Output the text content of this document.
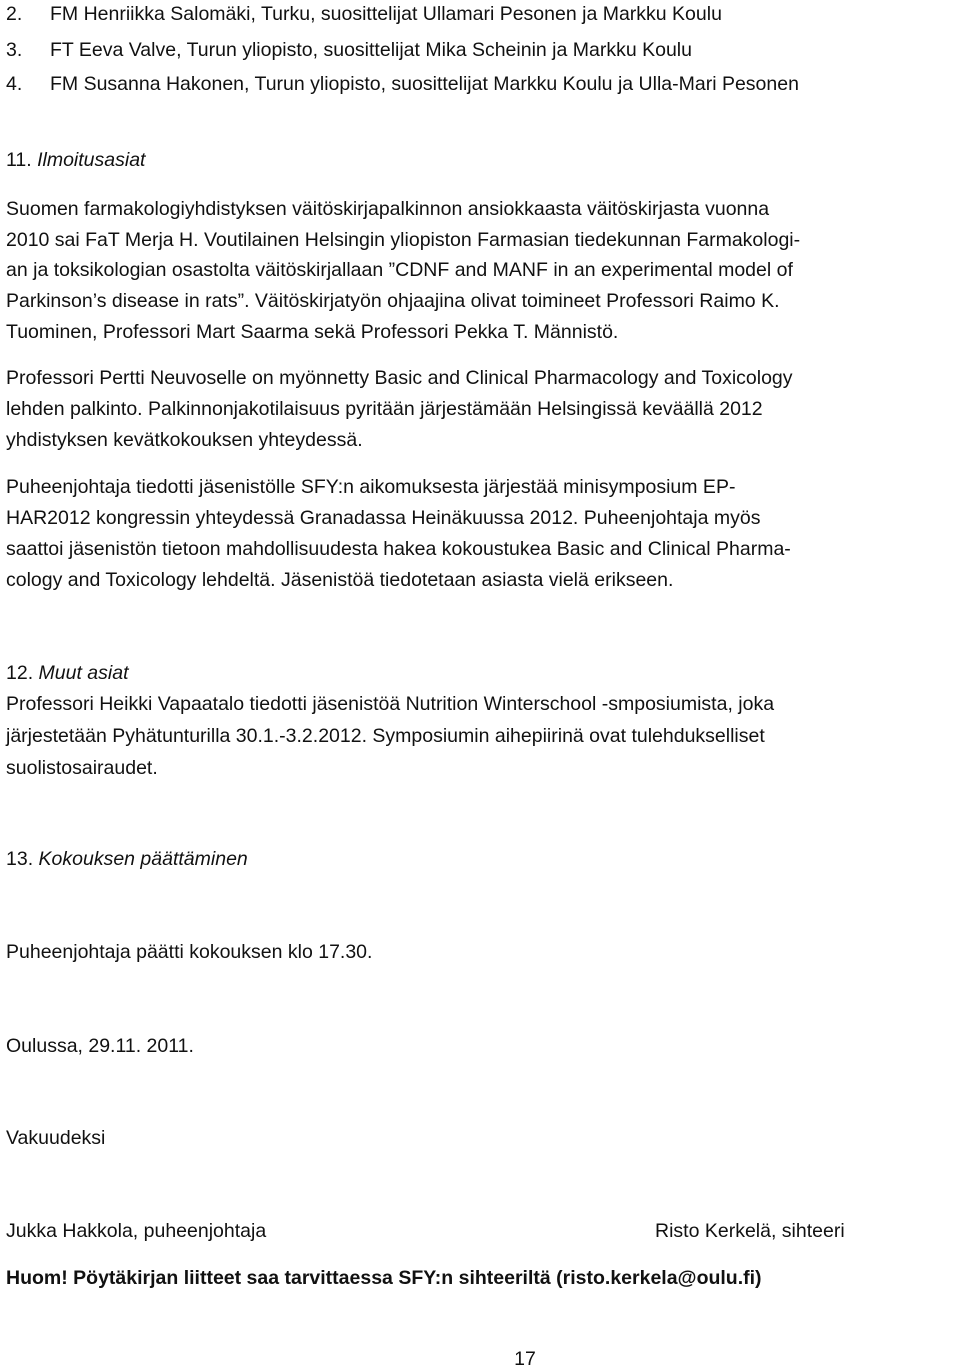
2. FM Henriikka Salomäki, Turku, suosittelijat Ullamari Pesonen ja Markku Koulu
3. FT Eeva Valve, Turun yliopisto, suosittelijat Mika Scheinin ja Markku Koulu
4. FM Susanna Hakonen, Turun yliopisto, suosittelijat Markku Koulu ja Ulla-Mari Pesonen
11. Ilmoitusasiat
Suomen farmakologiyhdistyksen väitöskirjapalkinnon ansiokkaasta väitöskirjasta vuonna
2010 sai FaT Merja H. Voutilainen Helsingin yliopiston Farmasian tiedekunnan Farmakologi-
an ja toksikologian osastolta väitöskirjallaan ”CDNF and MANF in an experimental model of
Parkinson’s disease in rats”. Väitöskirjatyön ohjaajina olivat toimineet Professori Raimo K.
Tuominen, Professori Mart Saarma sekä Professori Pekka T. Männistö.
Professori Pertti Neuvoselle on myönnetty Basic and Clinical Pharmacology and Toxicology
lehden palkinto. Palkinnonjakotilaisuus pyritään järjestämään Helsingissä keväällä 2012
yhdistyksen kevätkokouksen yhteydessä.
Puheenjohtaja tiedotti jäsenistölle SFY:n aikomuksesta järjestää minisymposium EP-
HAR2012 kongressin yhteydessä Granadassa Heinäkuussa 2012. Puheenjohtaja myös
saattoi jäsenistön tietoon mahdollisuudesta hakea kokoustukea Basic and Clinical Pharma-
cology and Toxicology lehdeltä. Jäsenistöä tiedotetaan asiasta vielä erikseen.
12. Muut asiat
Professori Heikki Vapaatalo tiedotti jäsenistöä Nutrition Winterschool -smposiumista, joka
järjestetään Pyhätunturilla 30.1.-3.2.2012. Symposiumin aihepiirinä ovat tulehdukselliset
suolistosairaudet.
13. Kokouksen päättäminen
Puheenjohtaja päätti kokouksen klo 17.30.
Oulussa, 29.11. 2011.
Vakuudeksi
Jukka Hakkola, puheenjohtaja	Risto Kerkelä, sihteeri
Huom! Pöytäkirjan liitteet saa tarvittaessa SFY:n sihteeriltä (risto.kerkela@oulu.fi)
17
